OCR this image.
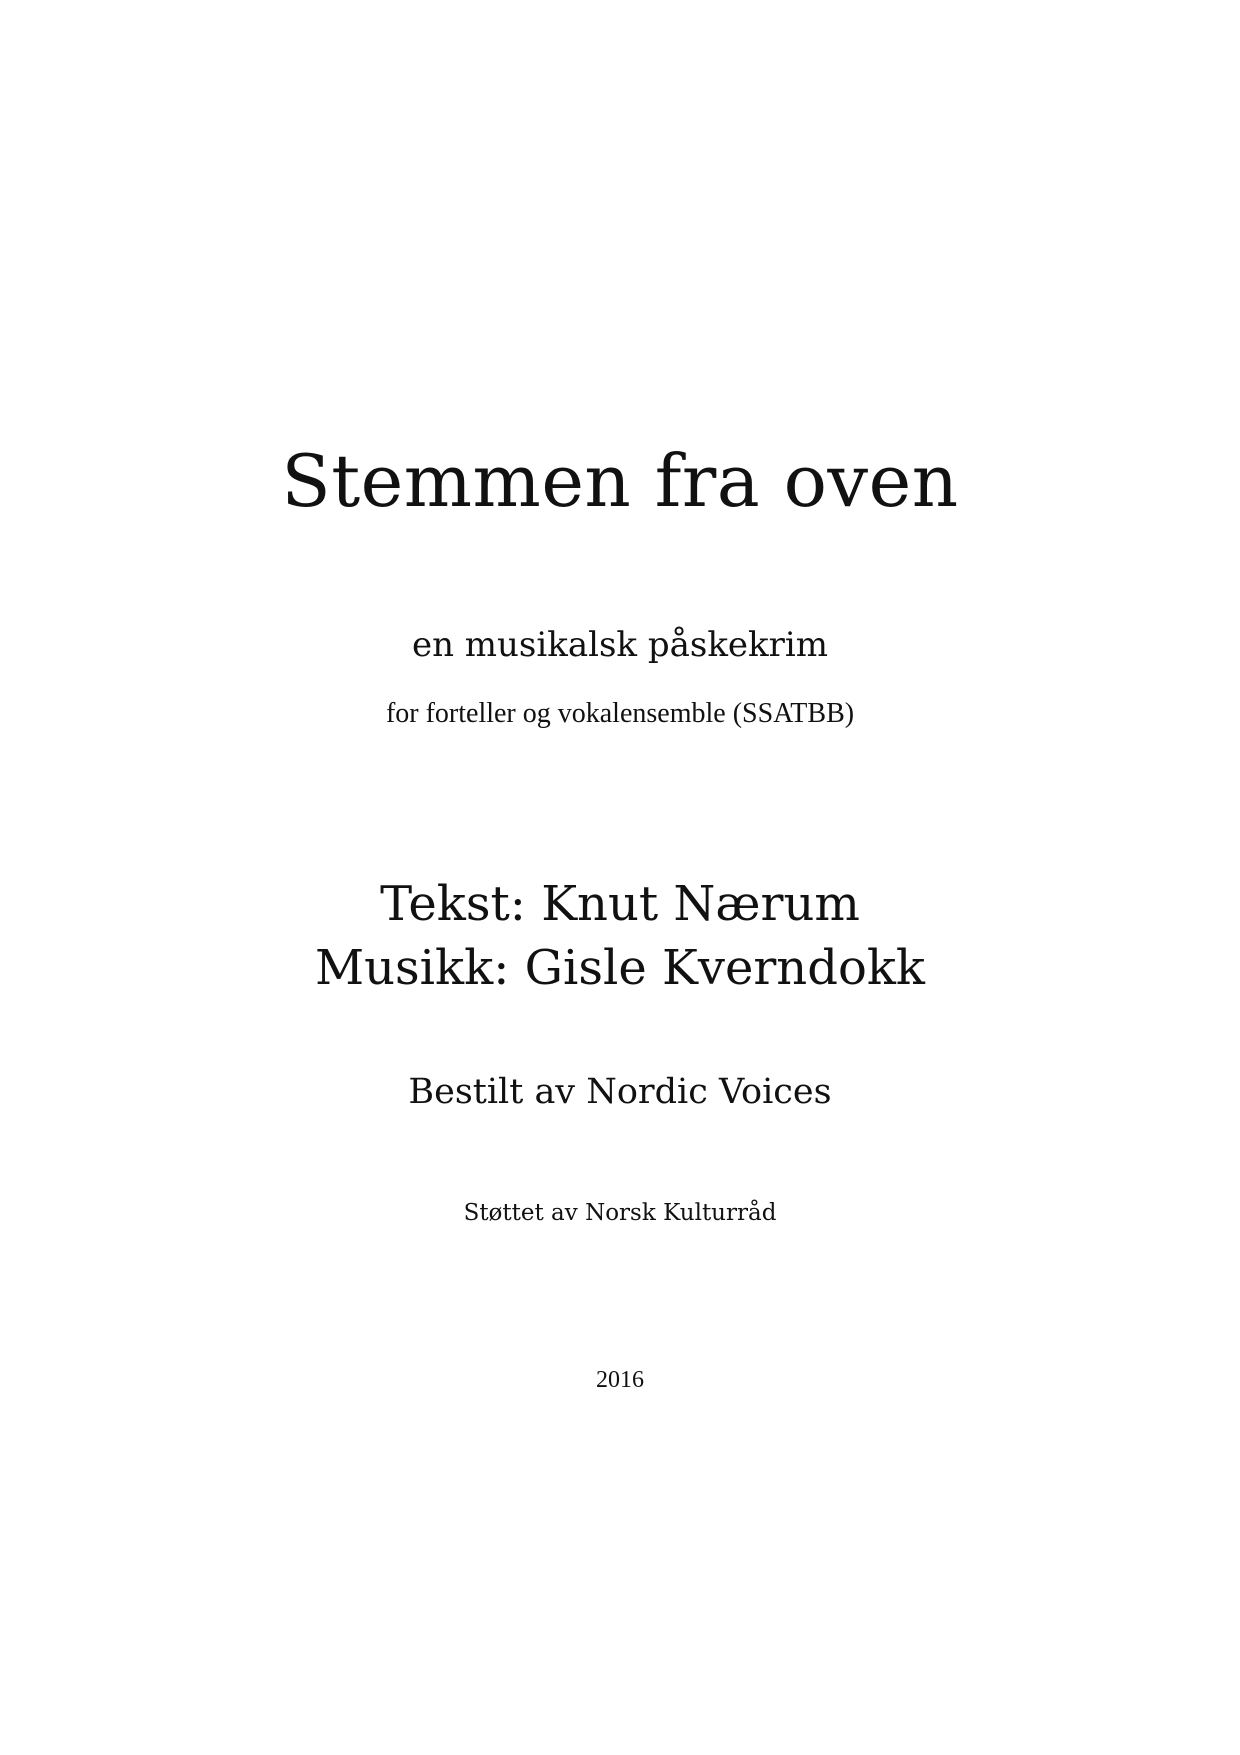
Stemmen fra oven
en musikalsk påskekrim
for forteller og vokalensemble (SSATBB)
Tekst: Knut Nærum
Musikk: Gisle Kverndokk
Bestilt av Nordic Voices
Støttet av Norsk Kulturråd
2016
